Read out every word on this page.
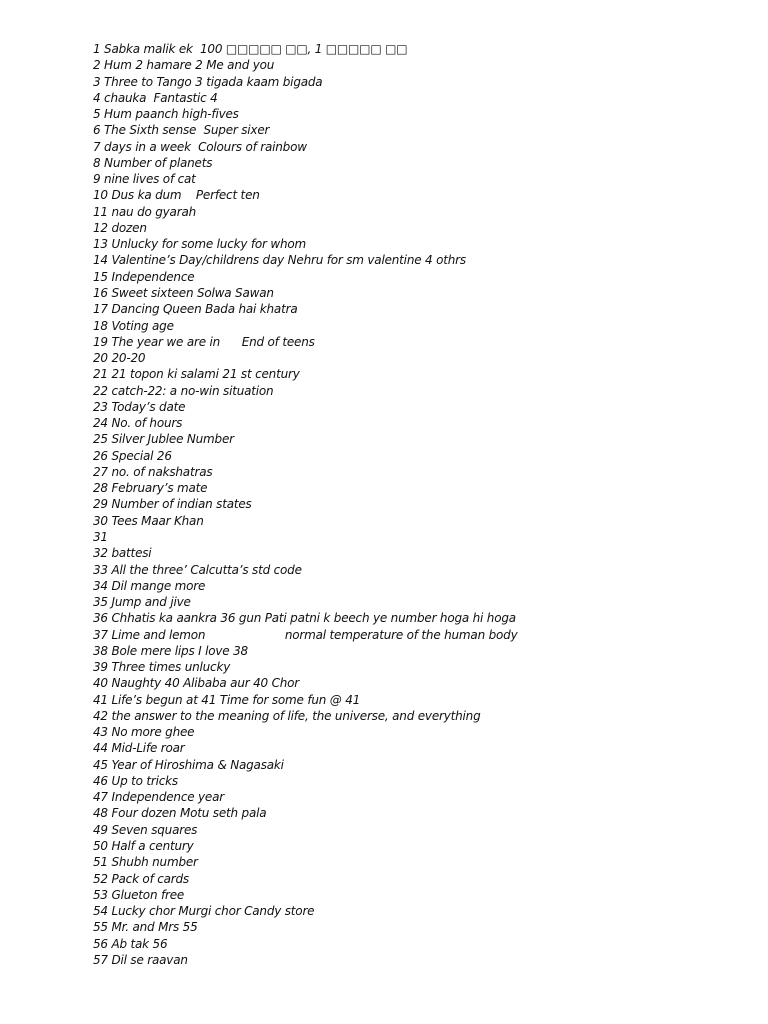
1 Sabka malik ek  100 □□□□□ □□, 1 □□□□□ □□
2 Hum 2 hamare 2 Me and you
3 Three to Tango 3 tigada kaam bigada
4 chauka  Fantastic 4
5 Hum paanch high-fives
6 The Sixth sense  Super sixer
7 days in a week  Colours of rainbow
8 Number of planets
9 nine lives of cat
10 Dus ka dum    Perfect ten
11 nau do gyarah
12 dozen
13 Unlucky for some lucky for whom
14 Valentine’s Day/childrens day Nehru for sm valentine 4 othrs
15 Independence
16 Sweet sixteen Solwa Sawan
17 Dancing Queen Bada hai khatra
18 Voting age
19 The year we are in      End of teens
20 20-20
21 21 topon ki salami 21 st century
22 catch-22: a no-win situation
23 Today’s date
24 No. of hours
25 Silver Jublee Number
26 Special 26
27 no. of nakshatras
28 February’s mate
29 Number of indian states
30 Tees Maar Khan
31
32 battesi
33 All the three’ Calcutta’s std code
34 Dil mange more
35 Jump and jive
36 Chhatis ka aankra 36 gun Pati patni k beech ye number hoga hi hoga
37 Lime and lemon                      normal temperature of the human body
38 Bole mere lips I love 38
39 Three times unlucky
40 Naughty 40 Alibaba aur 40 Chor
41 Life’s begun at 41 Time for some fun @ 41
42 the answer to the meaning of life, the universe, and everything
43 No more ghee
44 Mid-Life roar
45 Year of Hiroshima & Nagasaki
46 Up to tricks
47 Independence year
48 Four dozen Motu seth pala
49 Seven squares
50 Half a century
51 Shubh number
52 Pack of cards
53 Glueton free
54 Lucky chor Murgi chor Candy store
55 Mr. and Mrs 55
56 Ab tak 56
57 Dil se raavan
